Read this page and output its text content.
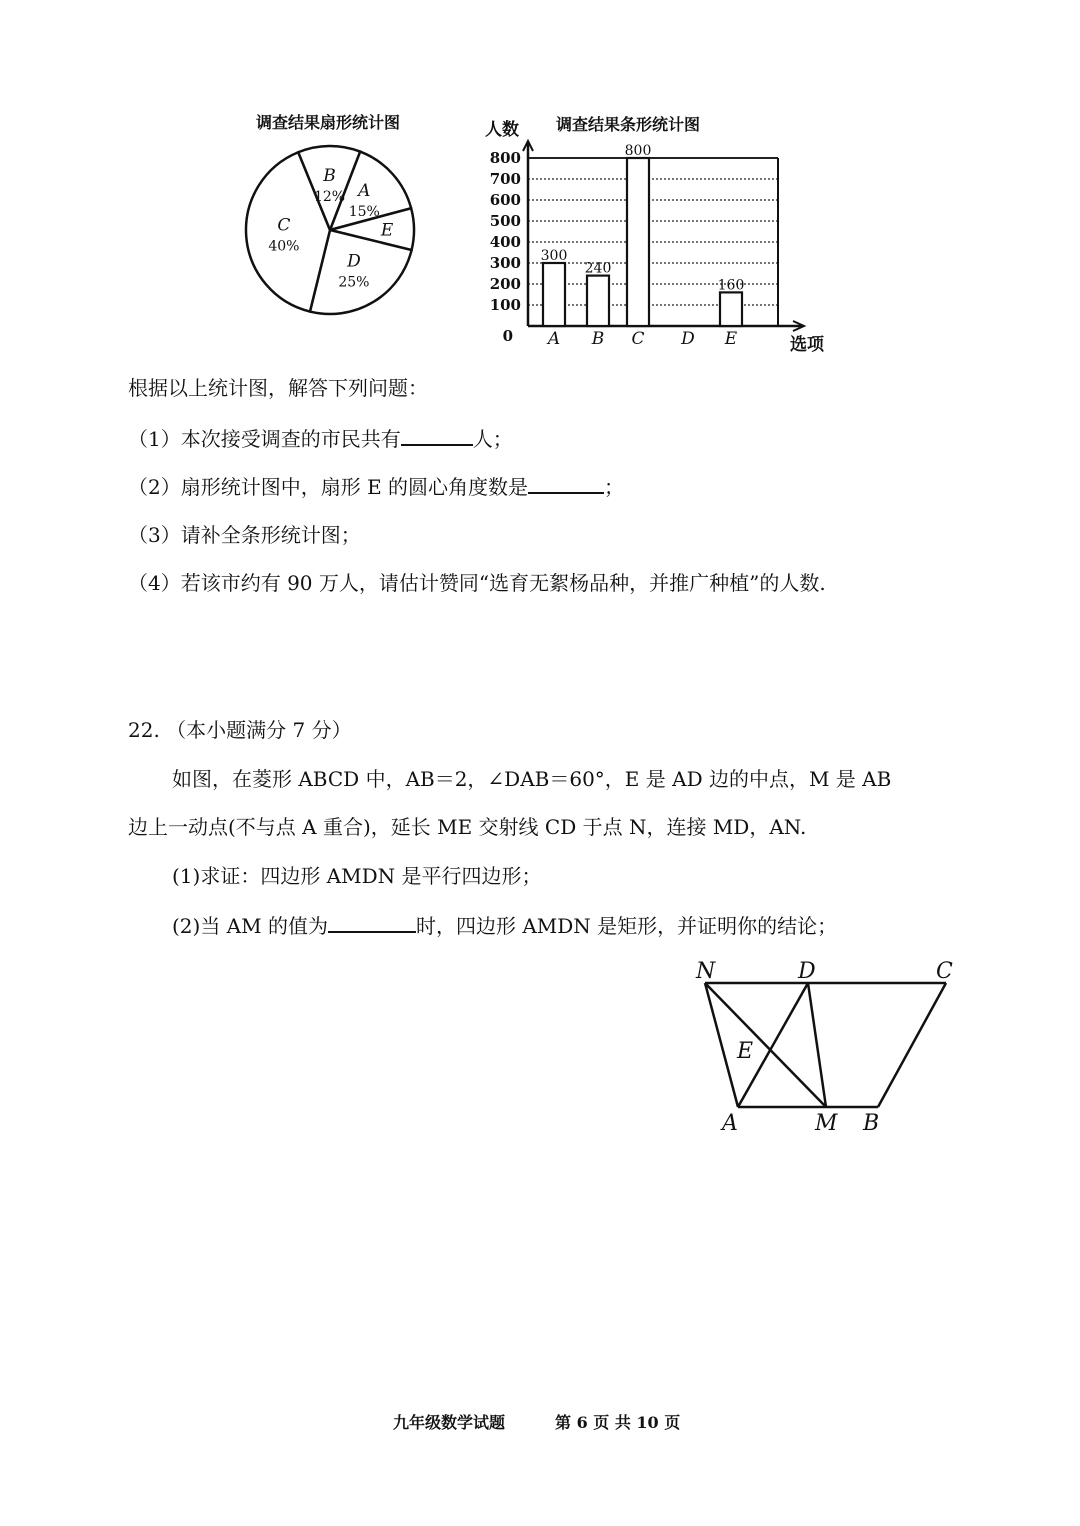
调查结果扇形统计图	调查结果条形统计图
A
15%
E
D
25%
C
40%
B
12%
人数
选项
300
240
800
160
0
100
200
300
400
500
600
700
800
A B C D E
根据以上统计图，解答下列问题：
（1）本次接受调查的市民共有	人；
（2）扇形统计图中，扇形 E 的圆心角度数是	；
（3）请补全条形统计图；
（4）若该市约有 90 万人，请估计赞同“选育无絮杨品种，并推广种植”的人数.
22. （本小题满分 7 分）
如图，在菱形 ABCD 中，AB＝2，∠DAB＝60°，E 是 AD 边的中点，M 是 AB
边上一动点(不与点 A 重合)，延长 ME 交射线 CD 于点 N，连接 MD，AN.
(1)求证：四边形 AMDN 是平行四边形；
(2)当 AM 的值为	时，四边形 AMDN 是矩形，并证明你的结论；
N	D	C
E
A	M B
九年级数学试题	第 6 页 共 10 页
